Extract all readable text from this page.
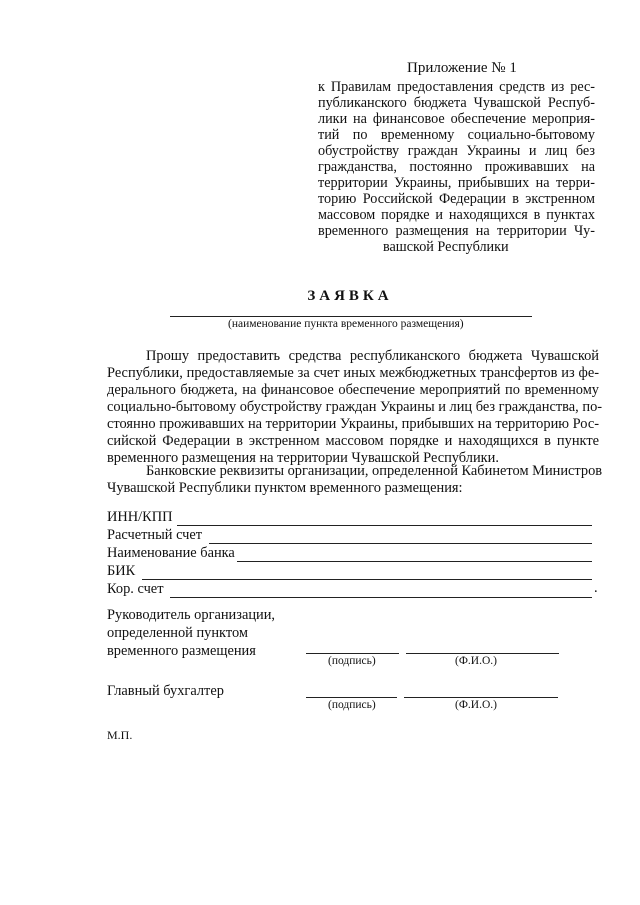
Приложение № 1
к Правилам предоставления средств из рес-
публиканского бюджета Чувашской Респуб-
лики на финансовое обеспечение мероприя-
тий по временному социально-бытовому
обустройству граждан Украины и лиц без
гражданства, постоянно проживавших на
территории Украины, прибывших на терри-
торию Российской Федерации в экстренном
массовом порядке и находящихся в пунктах
временного размещения на территории Чу-
вашской Республики
ЗАЯВКА
(наименование пункта временного размещения)
Прошу предоставить средства республиканского бюджета Чувашской
Республики, предоставляемые за счет иных межбюджетных трансфертов из фе-
дерального бюджета, на финансовое обеспечение мероприятий по временному
социально-бытовому обустройству граждан Украины и лиц без гражданства, по-
стоянно проживавших на территории Украины, прибывших на территорию Рос-
сийской Федерации в экстренном массовом порядке и находящихся в пункте
временного размещения на территории Чувашской Республики.
Банковские реквизиты организации, определенной Кабинетом Министров
Чувашской Республики пунктом временного размещения:
ИНН/КПП
Расчетный счет
Наименование банка
БИК
Кор. счет	.
Руководитель организации,
определенной пунктом
временного размещения
(подпись)	(Ф.И.О.)
Главный бухгалтер
(подпись)	(Ф.И.О.)
М.П.
